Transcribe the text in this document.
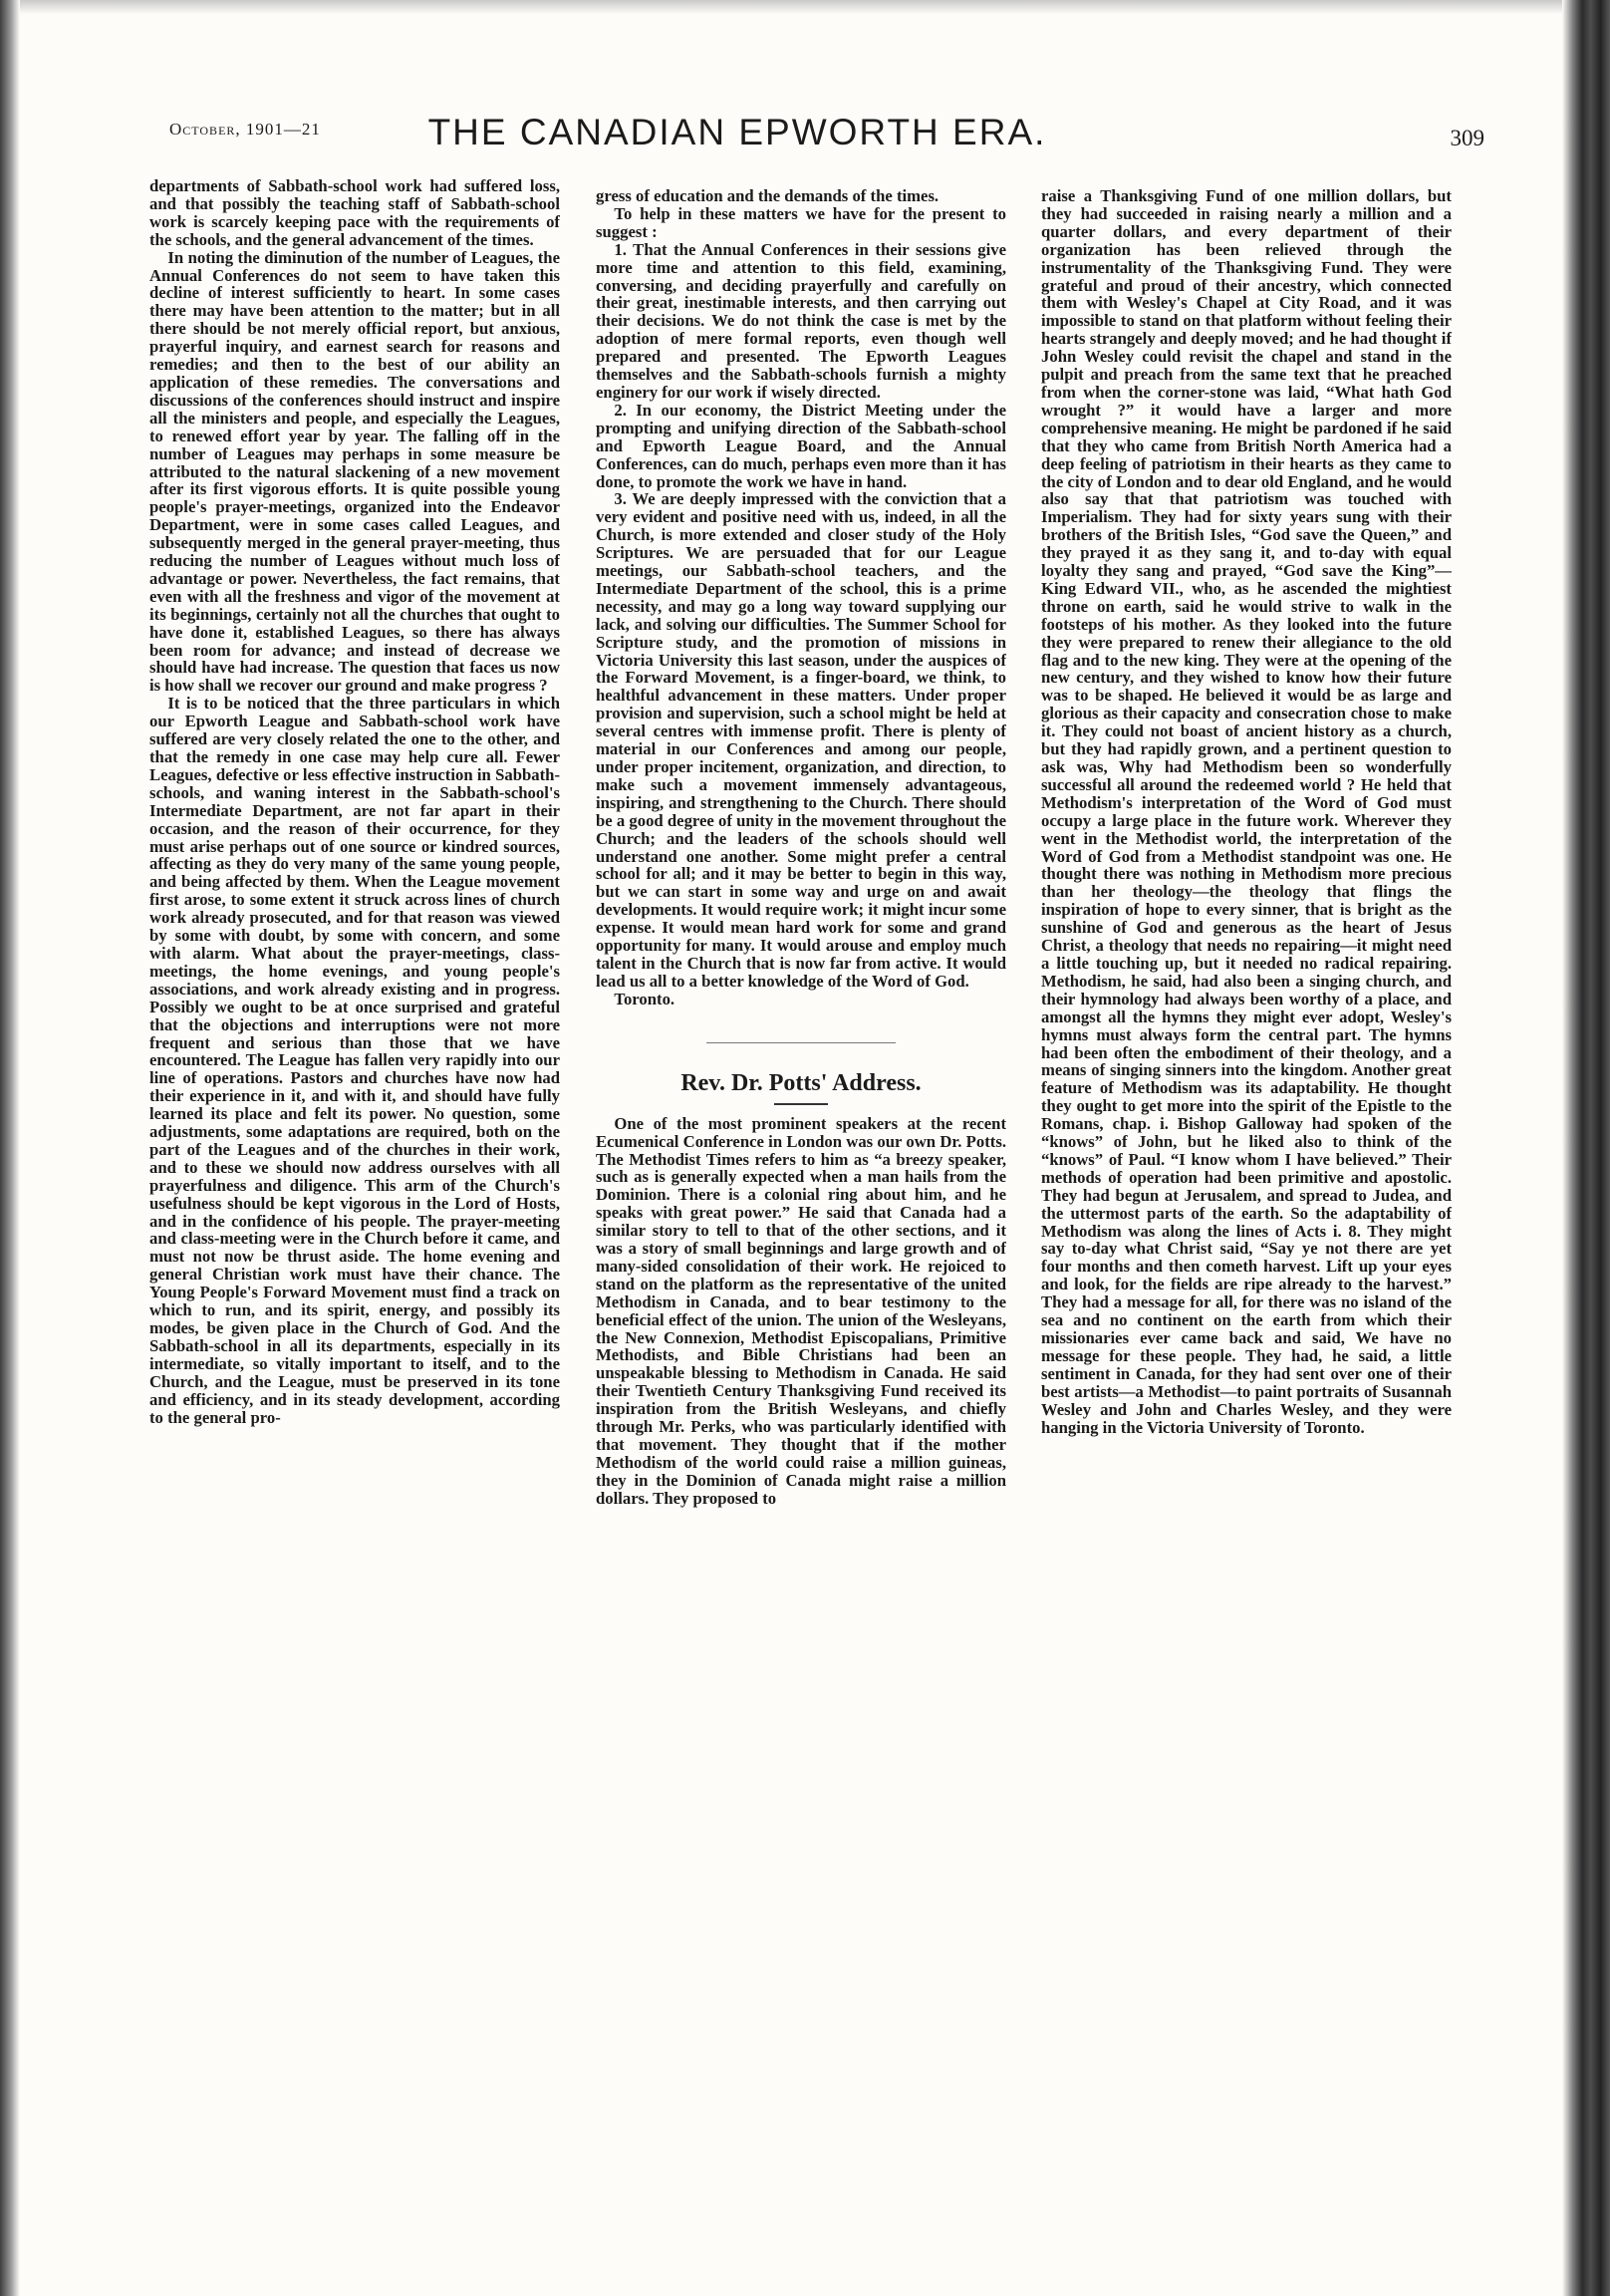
October, 1901—21	THE CANADIAN EPWORTH ERA.	309

departments of Sabbath-school work had suffered loss, and that possibly the teaching staff of Sabbath-school work is scarcely keeping pace with the requirements of the schools, and the general advancement of the times.

In noting the diminution of the number of Leagues, the Annual Conferences do not seem to have taken this decline of interest sufficiently to heart. In some cases there may have been attention to the matter; but in all there should be not merely official report, but anxious, prayerful inquiry, and earnest search for reasons and remedies; and then to the best of our ability an application of these remedies. The conversations and discussions of the conferences should instruct and inspire all the ministers and people, and especially the Leagues, to renewed effort year by year. The falling off in the number of Leagues may perhaps in some measure be attributed to the natural slackening of a new movement after its first vigorous efforts. It is quite possible young people's prayer-meetings, organized into the Endeavor Department, were in some cases called Leagues, and subsequently merged in the general prayer-meeting, thus reducing the number of Leagues without much loss of advantage or power. Nevertheless, the fact remains, that even with all the freshness and vigor of the movement at its beginnings, certainly not all the churches that ought to have done it, established Leagues, so there has always been room for advance; and instead of decrease we should have had increase. The question that faces us now is how shall we recover our ground and make progress ?

It is to be noticed that the three particulars in which our Epworth League and Sabbath-school work have suffered are very closely related the one to the other, and that the remedy in one case may help cure all. Fewer Leagues, defective or less effective instruction in Sabbath-schools, and waning interest in the Sabbath-school's Intermediate Department, are not far apart in their occasion, and the reason of their occurrence, for they must arise perhaps out of one source or kindred sources, affecting as they do very many of the same young people, and being affected by them. When the League movement first arose, to some extent it struck across lines of church work already prosecuted, and for that reason was viewed by some with doubt, by some with concern, and some with alarm. What about the prayer-meetings, class-meetings, the home evenings, and young people's associations, and work already existing and in progress. Possibly we ought to be at once surprised and grateful that the objections and interruptions were not more frequent and serious than those that we have encountered. The League has fallen very rapidly into our line of operations. Pastors and churches have now had their experience in it, and with it, and should have fully learned its place and felt its power. No question, some adjustments, some adaptations are required, both on the part of the Leagues and of the churches in their work, and to these we should now address ourselves with all prayerfulness and diligence. This arm of the Church's usefulness should be kept vigorous in the Lord of Hosts, and in the confidence of his people. The prayer-meeting and class-meeting were in the Church before it came, and must not now be thrust aside. The home evening and general Christian work must have their chance. The Young People's Forward Movement must find a track on which to run, and its spirit, energy, and possibly its modes, be given place in the Church of God. And the Sabbath-school in all its departments, especially in its intermediate, so vitally important to itself, and to the Church, and the League, must be preserved in its tone and efficiency, and in its steady development, according to the general pro-

gress of education and the demands of the times.

To help in these matters we have for the present to suggest :

1. That the Annual Conferences in their sessions give more time and attention to this field, examining, conversing, and deciding prayerfully and carefully on their great, inestimable interests, and then carrying out their decisions. We do not think the case is met by the adoption of mere formal reports, even though well prepared and presented. The Epworth Leagues themselves and the Sabbath-schools furnish a mighty enginery for our work if wisely directed.

2. In our economy, the District Meeting under the prompting and unifying direction of the Sabbath-school and Epworth League Board, and the Annual Conferences, can do much, perhaps even more than it has done, to promote the work we have in hand.

3. We are deeply impressed with the conviction that a very evident and positive need with us, indeed, in all the Church, is more extended and closer study of the Holy Scriptures. We are persuaded that for our League meetings, our Sabbath-school teachers, and the Intermediate Department of the school, this is a prime necessity, and may go a long way toward supplying our lack, and solving our difficulties. The Summer School for Scripture study, and the promotion of missions in Victoria University this last season, under the auspices of the Forward Movement, is a finger-board, we think, to healthful advancement in these matters. Under proper provision and supervision, such a school might be held at several centres with immense profit. There is plenty of material in our Conferences and among our people, under proper incitement, organization, and direction, to make such a movement immensely advantageous, inspiring, and strengthening to the Church. There should be a good degree of unity in the movement throughout the Church; and the leaders of the schools should well understand one another. Some might prefer a central school for all; and it may be better to begin in this way, but we can start in some way and urge on and await developments. It would require work; it might incur some expense. It would mean hard work for some and grand opportunity for many. It would arouse and employ much talent in the Church that is now far from active. It would lead us all to a better knowledge of the Word of God.

Toronto.

Rev. Dr. Potts' Address.

One of the most prominent speakers at the recent Ecumenical Conference in London was our own Dr. Potts. The Methodist Times refers to him as “a breezy speaker, such as is generally expected when a man hails from the Dominion. There is a colonial ring about him, and he speaks with great power.” He said that Canada had a similar story to tell to that of the other sections, and it was a story of small beginnings and large growth and of many-sided consolidation of their work. He rejoiced to stand on the platform as the representative of the united Methodism in Canada, and to bear testimony to the beneficial effect of the union. The union of the Wesleyans, the New Connexion, Methodist Episcopalians, Primitive Methodists, and Bible Christians had been an unspeakable blessing to Methodism in Canada. He said their Twentieth Century Thanksgiving Fund received its inspiration from the British Wesleyans, and chiefly through Mr. Perks, who was particularly identified with that movement. They thought that if the mother Methodism of the world could raise a million guineas, they in the Dominion of Canada might raise a million dollars. They proposed to

raise a Thanksgiving Fund of one million dollars, but they had succeeded in raising nearly a million and a quarter dollars, and every department of their organization has been relieved through the instrumentality of the Thanksgiving Fund. They were grateful and proud of their ancestry, which connected them with Wesley's Chapel at City Road, and it was impossible to stand on that platform without feeling their hearts strangely and deeply moved; and he had thought if John Wesley could revisit the chapel and stand in the pulpit and preach from the same text that he preached from when the corner-stone was laid, “What hath God wrought ?” it would have a larger and more comprehensive meaning. He might be pardoned if he said that they who came from British North America had a deep feeling of patriotism in their hearts as they came to the city of London and to dear old England, and he would also say that that patriotism was touched with Imperialism. They had for sixty years sung with their brothers of the British Isles, “God save the Queen,” and they prayed it as they sang it, and to-day with equal loyalty they sang and prayed, “God save the King”—King Edward VII., who, as he ascended the mightiest throne on earth, said he would strive to walk in the footsteps of his mother. As they looked into the future they were prepared to renew their allegiance to the old flag and to the new king. They were at the opening of the new century, and they wished to know how their future was to be shaped. He believed it would be as large and glorious as their capacity and consecration chose to make it. They could not boast of ancient history as a church, but they had rapidly grown, and a pertinent question to ask was, Why had Methodism been so wonderfully successful all around the redeemed world ? He held that Methodism's interpretation of the Word of God must occupy a large place in the future work. Wherever they went in the Methodist world, the interpretation of the Word of God from a Methodist standpoint was one. He thought there was nothing in Methodism more precious than her theology—the theology that flings the inspiration of hope to every sinner, that is bright as the sunshine of God and generous as the heart of Jesus Christ, a theology that needs no repairing—it might need a little touching up, but it needed no radical repairing. Methodism, he said, had also been a singing church, and their hymnology had always been worthy of a place, and amongst all the hymns they might ever adopt, Wesley's hymns must always form the central part. The hymns had been often the embodiment of their theology, and a means of singing sinners into the kingdom. Another great feature of Methodism was its adaptability. He thought they ought to get more into the spirit of the Epistle to the Romans, chap. i. Bishop Galloway had spoken of the “knows” of John, but he liked also to think of the “knows” of Paul. “I know whom I have believed.” Their methods of operation had been primitive and apostolic. They had begun at Jerusalem, and spread to Judea, and the uttermost parts of the earth. So the adaptability of Methodism was along the lines of Acts i. 8. They might say to-day what Christ said, “Say ye not there are yet four months and then cometh harvest. Lift up your eyes and look, for the fields are ripe already to the harvest.” They had a message for all, for there was no island of the sea and no continent on the earth from which their missionaries ever came back and said, We have no message for these people. They had, he said, a little sentiment in Canada, for they had sent over one of their best artists—a Methodist—to paint portraits of Susannah Wesley and John and Charles Wesley, and they were hanging in the Victoria University of Toronto.
